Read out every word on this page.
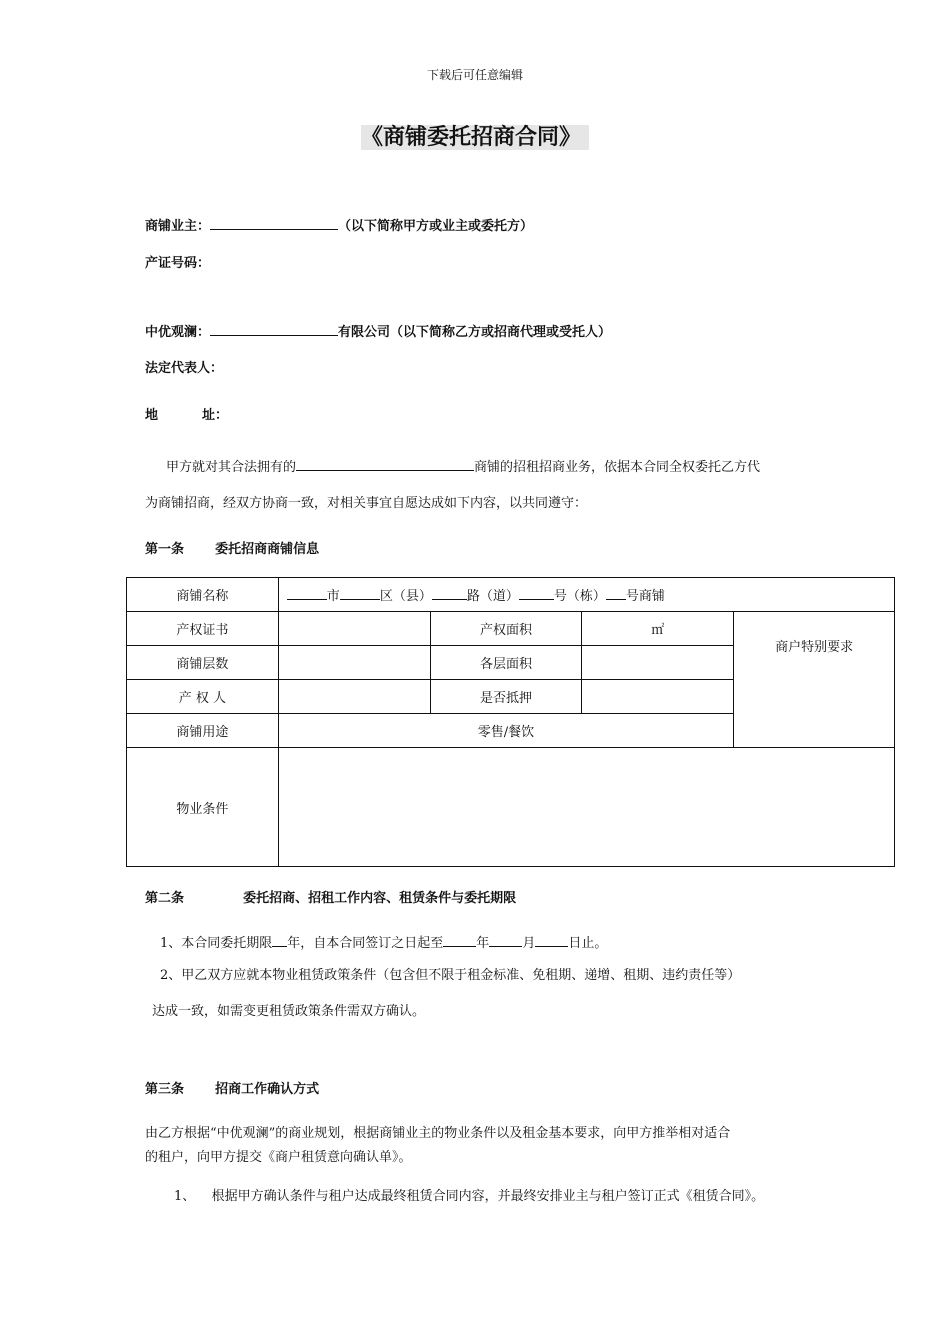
下载后可任意编辑
《商铺委托招商合同》
商铺业主：	（以下简称甲方或业主或委托方）
产证号码：
中优观澜：	有限公司（以下简称乙方或招商代理或受托人）
法定代表人：
地	址：
甲方就对其合法拥有的	商铺的招租招商业务，依据本合同全权委托乙方代
为商铺招商，经双方协商一致，对相关事宜自愿达成如下内容，以共同遵守：
第一条 委托招商商铺信息
商铺名称	市 区（县） 路（道） 号（栋） 号商铺			
产权证书		产权面积	㎡	商户特别要求
商铺层数		各层面积		
产 权 人		是否抵押		
商铺用途	零售/餐饮			
物业条件				
第二条	委托招商、招租工作内容、租赁条件与委托期限
1、本合同委托期限 年，自本合同签订之日起至	年	月	日止。
2、甲乙双方应就本物业租赁政策条件（包含但不限于租金标准、免租期、递增、租期、违约责任等）
达成一致，如需变更租赁政策条件需双方确认。
第三条 招商工作确认方式
由乙方根据“中优观澜”的商业规划，根据商铺业主的物业条件以及租金基本要求，向甲方推举相对适合
的租户，向甲方提交《商户租赁意向确认单》。
1、 根据甲方确认条件与租户达成最终租赁合同内容，并最终安排业主与租户签订正式《租赁合同》。
